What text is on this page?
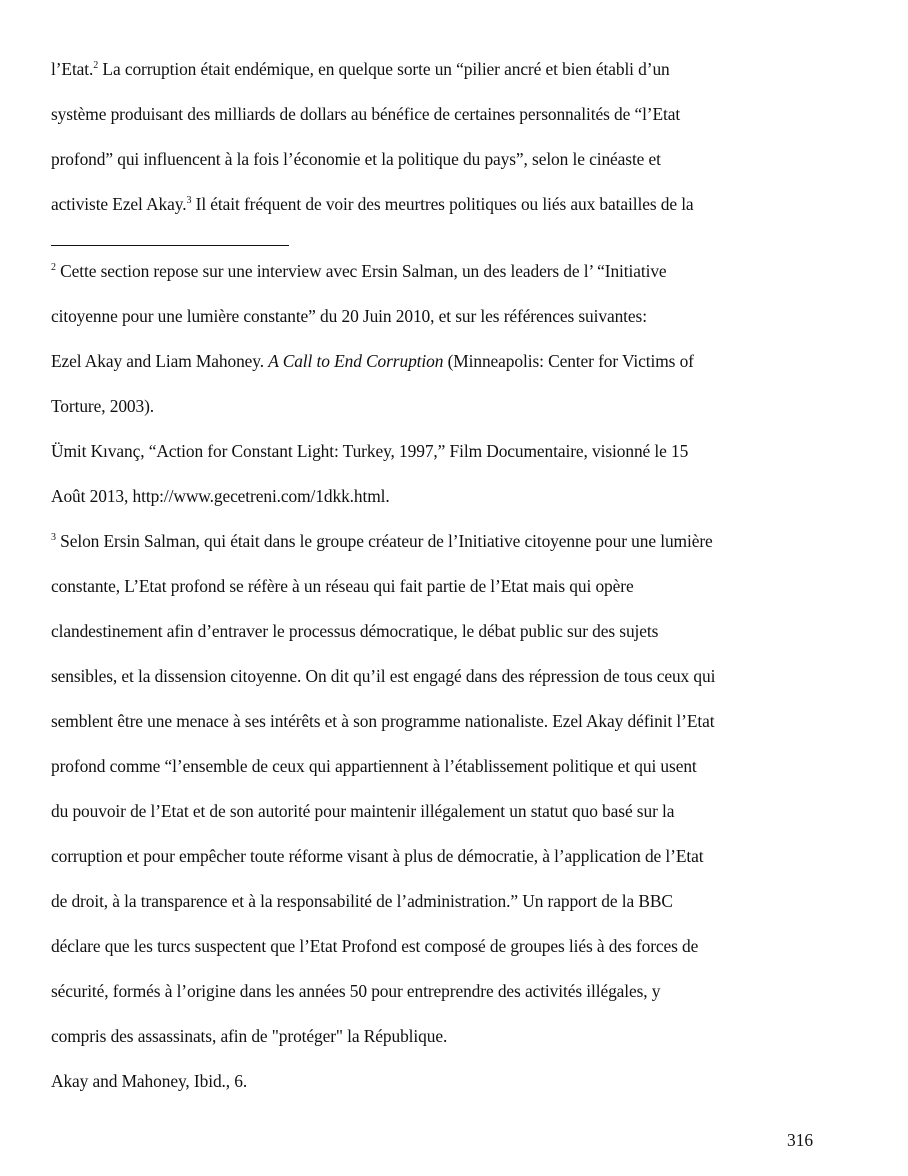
l’Etat.$^2$ La corruption était endémique, en quelque sorte un “pilier ancré et bien établi d’un
système produisant des milliards de dollars au bénéfice de certaines personnalités de “l’Etat
profond” qui influencent à la fois l’économie et la politique du pays”, selon le cinéaste et
activiste Ezel Akay.$^3$ Il était fréquent de voir des meurtres politiques ou liés aux batailles de la
$^2$ Cette section repose sur une interview avec Ersin Salman, un des leaders de l’ “Initiative
citoyenne pour une lumière constante” du 20 Juin 2010, et sur les références suivantes:
Ezel Akay and Liam Mahoney. A Call to End Corruption (Minneapolis: Center for Victims of
Torture, 2003).
Ümit Kıvanç, “Action for Constant Light: Turkey, 1997,” Film Documentaire, visionné le 15
Août 2013, http://www.gecetreni.com/1dkk.html.
$^3$ Selon Ersin Salman, qui était dans le groupe créateur de l’Initiative citoyenne pour une lumière
constante, L’Etat profond se réfère à un réseau qui fait partie de l’Etat mais qui opère
clandestinement afin d’entraver le processus démocratique, le débat public sur des sujets
sensibles, et la dissension citoyenne. On dit qu’il est engagé dans des répression de tous ceux qui
semblent être une menace à ses intérêts et à son programme nationaliste. Ezel Akay définit l’Etat
profond comme “l’ensemble de ceux qui appartiennent à l’établissement politique et qui usent
du pouvoir de l’Etat et de son autorité pour maintenir illégalement un statut quo basé sur la
corruption et pour empêcher toute réforme visant à plus de démocratie, à l’application de l’Etat
de droit, à la transparence et à la responsabilité de l’administration.” Un rapport de la BBC
déclare que les turcs suspectent que l’Etat Profond est composé de groupes liés à des forces de
sécurité, formés à l’origine dans les années 50 pour entreprendre des activités illégales, y
compris des assassinats, afin de "protéger" la République.
Akay and Mahoney, Ibid., 6.
316
